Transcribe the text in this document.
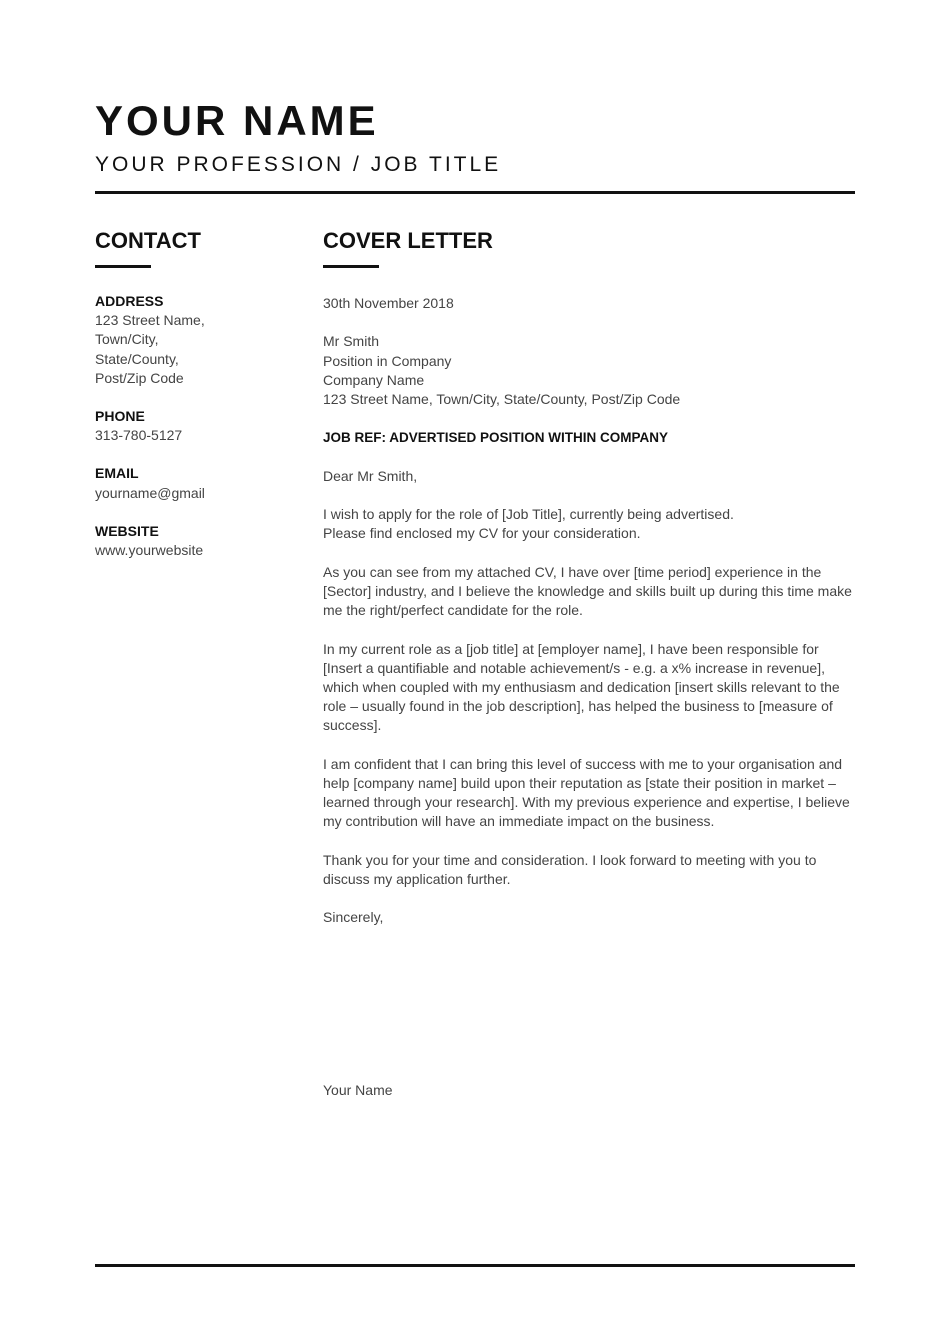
YOUR NAME
YOUR PROFESSION / JOB TITLE
CONTACT	COVER LETTER
ADDRESS
123 Street Name,
Town/City,
State/County,
Post/Zip Code
PHONE
313-780-5127
EMAIL
yourname@gmail
WEBSITE
www.yourwebsite

30th November 2018

Mr Smith
Position in Company
Company Name
123 Street Name, Town/City, State/County, Post/Zip Code

JOB REF: ADVERTISED POSITION WITHIN COMPANY

Dear Mr Smith,

I wish to apply for the role of [Job Title], currently being advertised.
Please find enclosed my CV for your consideration.

As you can see from my attached CV, I have over [time period] experience in the [Sector] industry, and I believe the knowledge and skills built up during this time make me the right/perfect candidate for the role.

In my current role as a [job title] at [employer name], I have been responsible for [Insert a quantifiable and notable achievement/s - e.g. a x% increase in revenue], which when coupled with my enthusiasm and dedication [insert skills relevant to the role – usually found in the job description], has helped the business to [measure of success].

I am confident that I can bring this level of success with me to your organisation and help [company name] build upon their reputation as [state their position in market – learned through your research]. With my previous experience and expertise, I believe my contribution will have an immediate impact on the business.

Thank you for your time and consideration. I look forward to meeting with you to discuss my application further.

Sincerely,

Your Name
